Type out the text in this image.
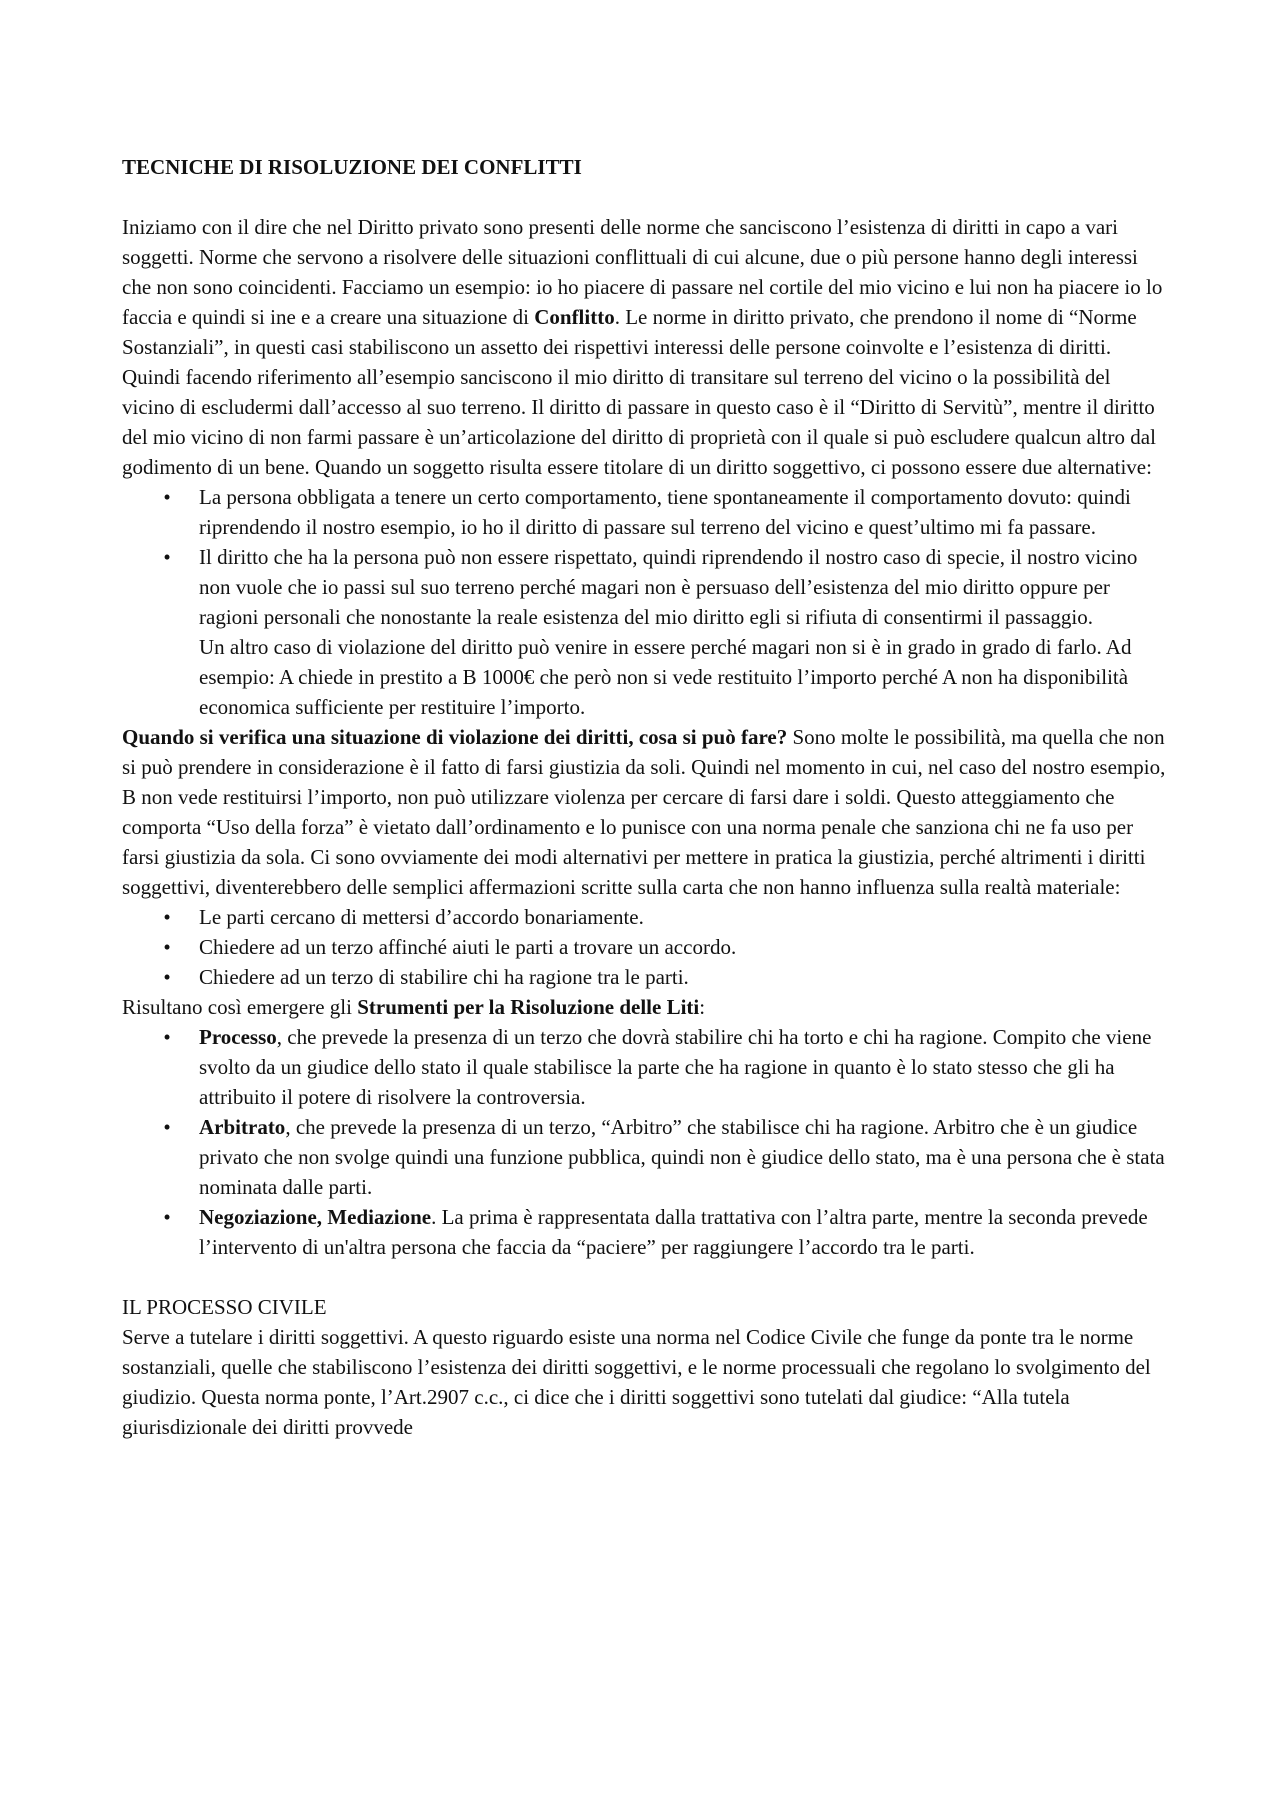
TECNICHE DI RISOLUZIONE DEI CONFLITTI

Iniziamo con il dire che nel Diritto privato sono presenti delle norme che sanciscono l’esistenza di diritti in capo a vari soggetti. Norme che servono a risolvere delle situazioni conflittuali di cui alcune, due o più persone hanno degli interessi che non sono coincidenti. Facciamo un esempio: io ho piacere di passare nel cortile del mio vicino e lui non ha piacere io lo faccia e quindi si ine e a creare una situazione di Conflitto. Le norme in diritto privato, che prendono il nome di “Norme Sostanziali”, in questi casi stabiliscono un assetto dei rispettivi interessi delle persone coinvolte e l’esistenza di diritti. Quindi facendo riferimento all’esempio sanciscono il mio diritto di transitare sul terreno del vicino o la possibilità del vicino di escludermi dall’accesso al suo terreno. Il diritto di passare in questo caso è il “Diritto di Servitù”, mentre il diritto del mio vicino di non farmi passare è un’articolazione del diritto di proprietà con il quale si può escludere qualcun altro dal godimento di un bene. Quando un soggetto risulta essere titolare di un diritto soggettivo, ci possono essere due alternative:

•
La persona obbligata a tenere un certo comportamento, tiene spontaneamente il comportamento dovuto: quindi riprendendo il nostro esempio, io ho il diritto di passare sul terreno del vicino e quest’ultimo mi fa passare.
•
Il diritto che ha la persona può non essere rispettato, quindi riprendendo il nostro caso di specie, il nostro vicino non vuole che io passi sul suo terreno perché magari non è persuaso dell’esistenza del mio diritto oppure per ragioni personali che nonostante la reale esistenza del mio diritto egli si rifiuta di consentirmi il passaggio.
Un altro caso di violazione del diritto può venire in essere perché magari non si è in grado in grado di farlo. Ad esempio: A chiede in prestito a B 1000€ che però non si vede restituito l’importo perché A non ha disponibilità economica sufficiente per restituire l’importo.

Quando si verifica una situazione di violazione dei diritti, cosa si può fare? Sono molte le possibilità, ma quella che non si può prendere in considerazione è il fatto di farsi giustizia da soli. Quindi nel momento in cui, nel caso del nostro esempio, B non vede restituirsi l’importo, non può utilizzare violenza per cercare di farsi dare i soldi. Questo atteggiamento che comporta “Uso della forza” è vietato dall’ordinamento e lo punisce con una norma penale che sanziona chi ne fa uso per farsi giustizia da sola. Ci sono ovviamente dei modi alternativi per mettere in pratica la giustizia, perché altrimenti i diritti soggettivi, diventerebbero delle semplici affermazioni scritte sulla carta che non hanno influenza sulla realtà materiale:

•
Le parti cercano di mettersi d’accordo bonariamente.
•
Chiedere ad un terzo affinché aiuti le parti a trovare un accordo.
•
Chiedere ad un terzo di stabilire chi ha ragione tra le parti.

Risultano così emergere gli Strumenti per la Risoluzione delle Liti:

•
Processo, che prevede la presenza di un terzo che dovrà stabilire chi ha torto e chi ha ragione. Compito che viene svolto da un giudice dello stato il quale stabilisce la parte che ha ragione in quanto è lo stato stesso che gli ha attribuito il potere di risolvere la controversia.
•
Arbitrato, che prevede la presenza di un terzo, “Arbitro” che stabilisce chi ha ragione. Arbitro che è un giudice privato che non svolge quindi una funzione pubblica, quindi non è giudice dello stato, ma è una persona che è stata nominata dalle parti.
•
Negoziazione, Mediazione. La prima è rappresentata dalla trattativa con l’altra parte, mentre la seconda prevede l’intervento di un'altra persona che faccia da “paciere” per raggiungere l’accordo tra le parti.

IL PROCESSO CIVILE

Serve a tutelare i diritti soggettivi. A questo riguardo esiste una norma nel Codice Civile che funge da ponte tra le norme sostanziali, quelle che stabiliscono l’esistenza dei diritti soggettivi, e le norme processuali che regolano lo svolgimento del giudizio. Questa norma ponte, l’Art.2907 c.c., ci dice che i diritti soggettivi sono tutelati dal giudice: “Alla tutela giurisdizionale dei diritti provvede
